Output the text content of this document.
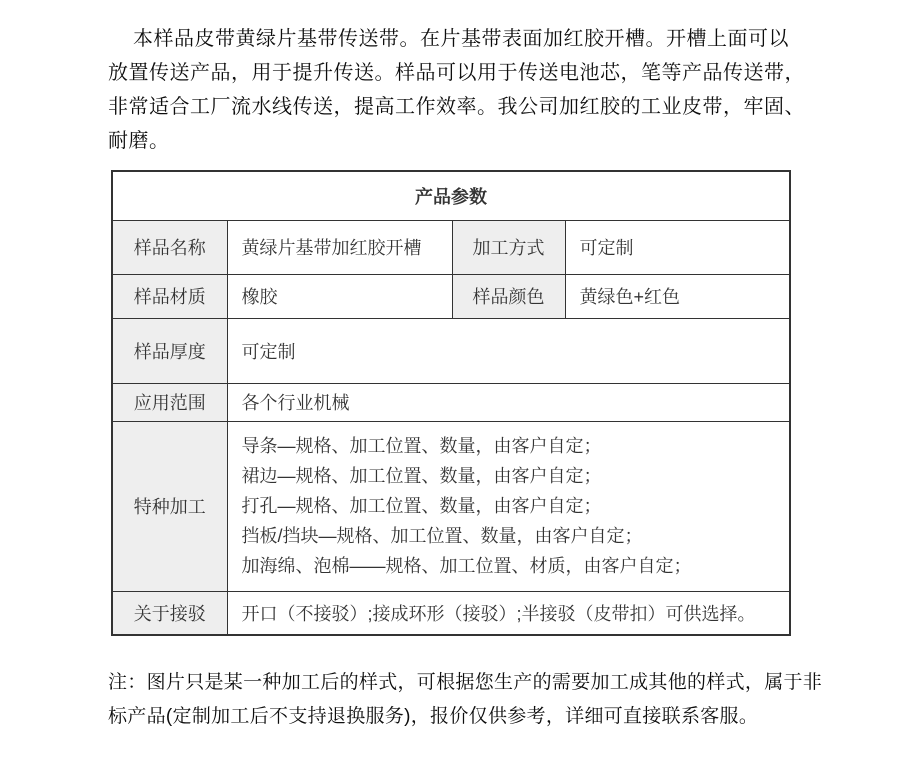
本样品皮带黄绿片基带传送带。在片基带表面加红胶开槽。开槽上面可以
放置传送产品，用于提升传送。样品可以用于传送电池芯，笔等产品传送带，
非常适合工厂流水线传送，提高工作效率。我公司加红胶的工业皮带，牢固、
耐磨。
产品参数			
样品名称	黄绿片基带加红胶开槽	加工方式	可定制
样品材质	橡胶	样品颜色	黄绿色+红色
样品厚度	可定制		
应用范围	各个行业机械		
特种加工	导条—规格、加工位置、数量，由客户自定；
裙边—规格、加工位置、数量，由客户自定；
打孔—规格、加工位置、数量，由客户自定；
挡板/挡块—规格、加工位置、数量，由客户自定；
加海绵、泡棉——规格、加工位置、材质，由客户自定；		

关于接驳	开口（不接驳）;接成环形（接驳）;半接驳（皮带扣）可供选择。		
注：图片只是某一种加工后的样式，可根据您生产的需要加工成其他的样式，属于非
标产品(定制加工后不支持退换服务)，报价仅供参考，详细可直接联系客服。
